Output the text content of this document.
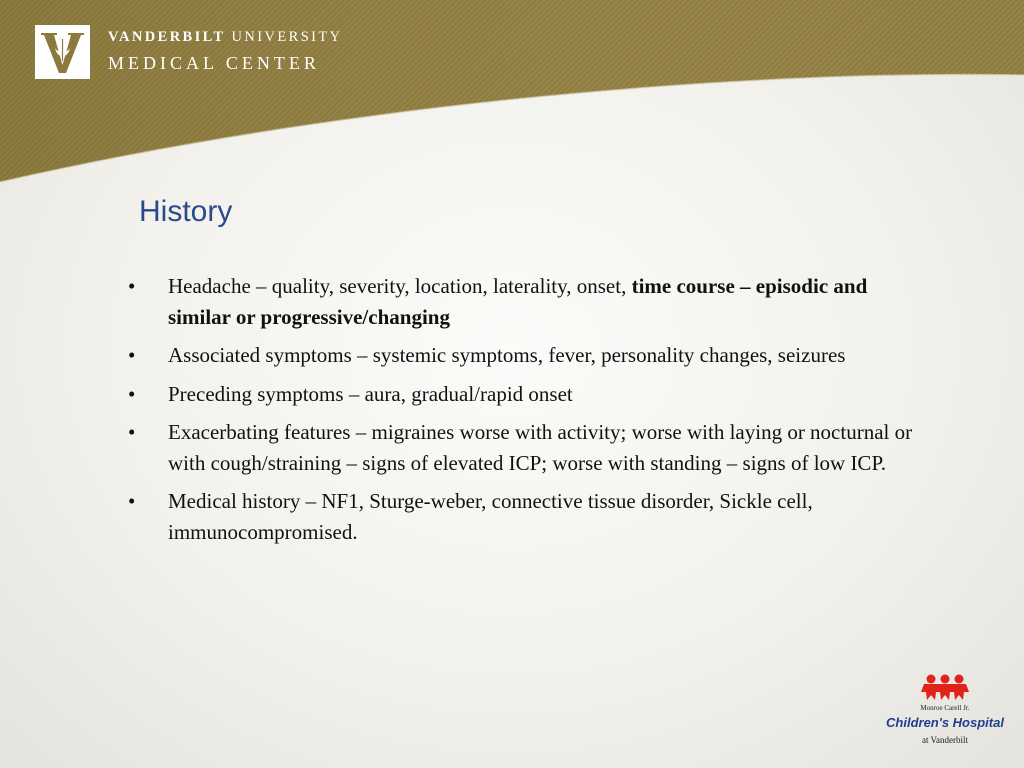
VANDERBILT UNIVERSITY
MEDICAL CENTER
History
• Headache – quality, severity, location, laterality, onset, time course – episodic and similar or progressive/changing
• Associated symptoms – systemic symptoms, fever, personality changes, seizures
• Preceding symptoms – aura, gradual/rapid onset
• Exacerbating features – migraines worse with activity; worse with laying or nocturnal or with cough/straining – signs of elevated ICP; worse with standing – signs of low ICP.
• Medical history – NF1, Sturge-weber, connective tissue disorder, Sickle cell, immunocompromised.
Monroe Carell Jr.
Children's Hospital
at Vanderbilt
